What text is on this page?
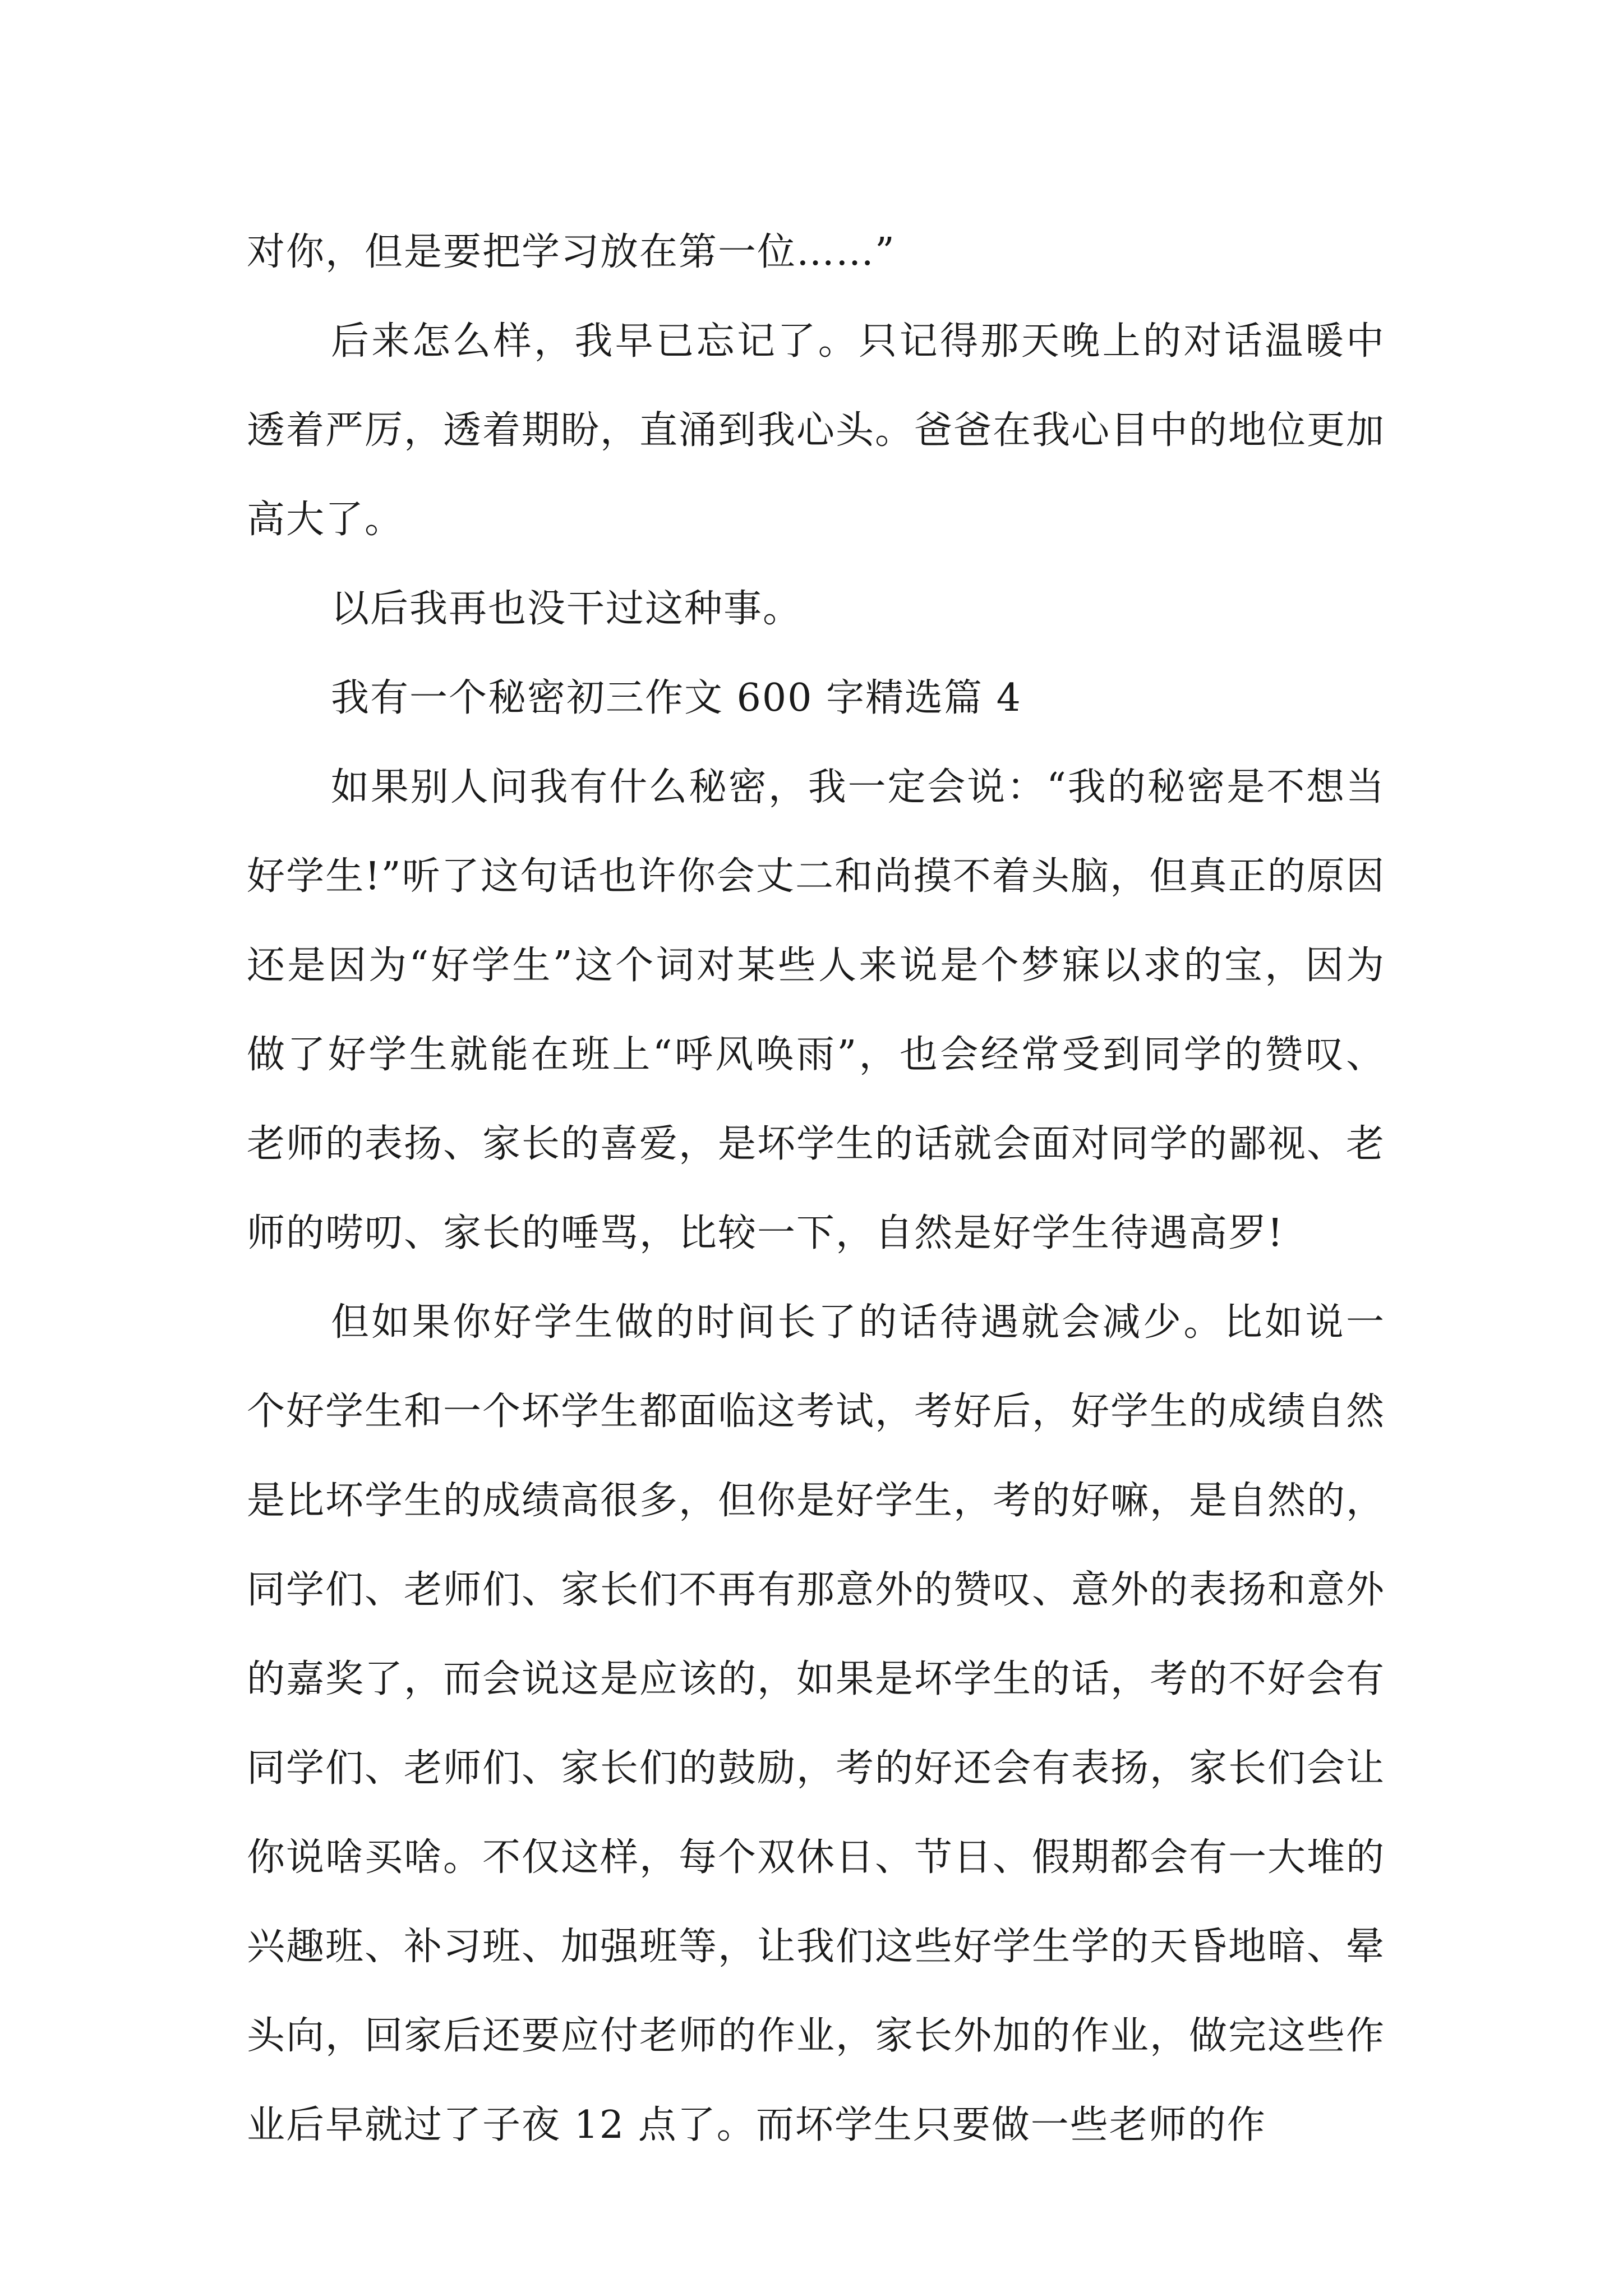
对你，但是要把学习放在第一位……”

后来怎么样，我早已忘记了。只记得那天晚上的对话温暖中透着严厉，透着期盼，直涌到我心头。爸爸在我心目中的地位更加高大了。

以后我再也没干过这种事。

我有一个秘密初三作文 600 字精选篇 4

如果别人问我有什么秘密，我一定会说：“我的秘密是不想当好学生!”听了这句话也许你会丈二和尚摸不着头脑，但真正的原因还是因为“好学生”这个词对某些人来说是个梦寐以求的宝，因为做了好学生就能在班上“呼风唤雨”，也会经常受到同学的赞叹、老师的表扬、家长的喜爱，是坏学生的话就会面对同学的鄙视、老师的唠叨、家长的唾骂，比较一下，自然是好学生待遇高罗!

但如果你好学生做的时间长了的话待遇就会减少。比如说一个好学生和一个坏学生都面临这考试，考好后，好学生的成绩自然是比坏学生的成绩高很多，但你是好学生，考的好嘛，是自然的，同学们、老师们、家长们不再有那意外的赞叹、意外的表扬和意外的嘉奖了，而会说这是应该的，如果是坏学生的话，考的不好会有同学们、老师们、家长们的鼓励，考的好还会有表扬，家长们会让你说啥买啥。不仅这样，每个双休日、节日、假期都会有一大堆的兴趣班、补习班、加强班等，让我们这些好学生学的天昏地暗、晕头向，回家后还要应付老师的作业，家长外加的作业，做完这些作业后早就过了子夜 12 点了。而坏学生只要做一些老师的作
